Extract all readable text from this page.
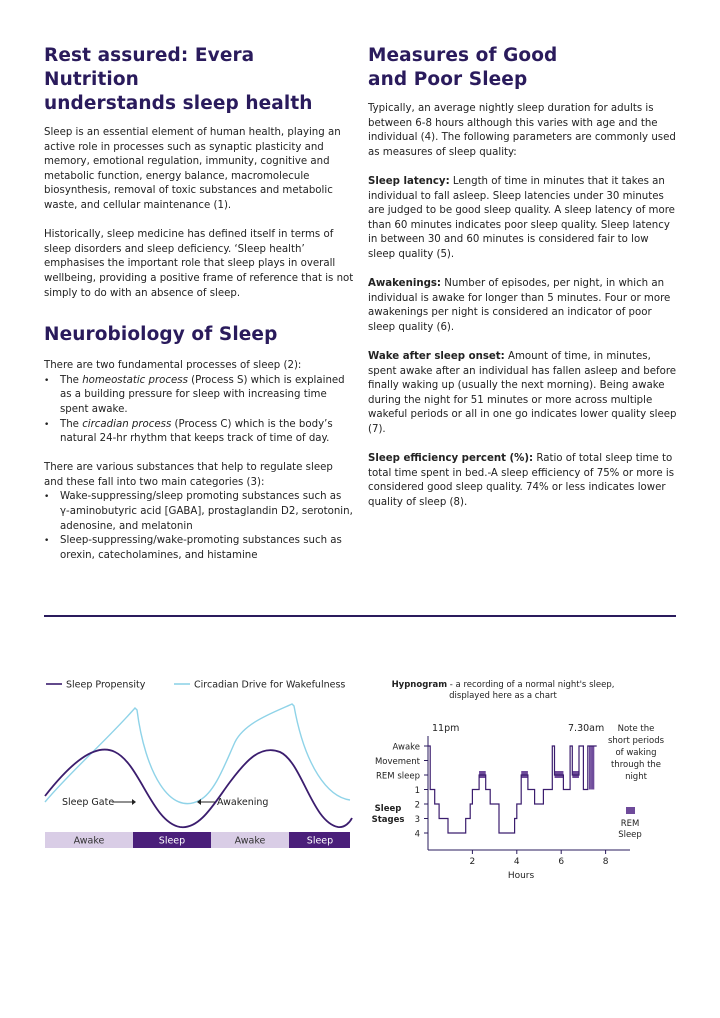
Rest assured: Evera Nutrition
understands sleep health

Sleep is an essential element of human health, playing an active role in processes such as synaptic plasticity and memory, emotional regulation, immunity, cognitive and metabolic function, energy balance, macromolecule biosynthesis, removal of toxic substances and metabolic waste, and cellular maintenance (1).

Historically, sleep medicine has defined itself in terms of sleep disorders and sleep deficiency. ‘Sleep health’ emphasises the important role that sleep plays in overall wellbeing, providing a positive frame of reference that is not simply to do with an absence of sleep.

Neurobiology of Sleep

There are two fundamental processes of sleep (2):

• The homeostatic process (Process S) which is explained as a building pressure for sleep with increasing time spent awake.
• The circadian process (Process C) which is the body’s natural 24-hr rhythm that keeps track of time of day.

There are various substances that help to regulate sleep and these fall into two main categories (3):

• Wake-suppressing/sleep promoting substances such as γ-aminobutyric acid [GABA], prostaglandin D2, serotonin, adenosine, and melatonin
• Sleep-suppressing/wake-promoting substances such as orexin, catecholamines, and histamine
Measures of Good
and Poor Sleep

Typically, an average nightly sleep duration for adults is between 6-8 hours although this varies with age and the individual (4). The following parameters are commonly used as measures of sleep quality:

Sleep latency: Length of time in minutes that it takes an individual to fall asleep. Sleep latencies under 30 minutes are judged to be good sleep quality. A sleep latency of more than 60 minutes indicates poor sleep quality. Sleep latency in between 30 and 60 minutes is considered fair to low sleep quality (5).

Awakenings: Number of episodes, per night, in which an individual is awake for longer than 5 minutes. Four or more awakenings per night is considered an indicator of poor sleep quality (6).

Wake after sleep onset: Amount of time, in minutes, spent awake after an individual has fallen asleep and before finally waking up (usually the next morning). Being awake during the night for 51 minutes or more across multiple wakeful periods or all in one go indicates lower quality sleep (7).

Sleep efficiency percent (%): Ratio of total sleep time to total time spent in bed.-A sleep efficiency of 75% or more is considered good sleep quality. 74% or less indicates lower quality of sleep (8).

Sleep Propensity	Circadian Drive for Wakefulness
Sleep Gate	Awakening
Awake	Sleep	Awake	Sleep
Hypnogram - a recording of a normal night's sleep,
displayed here as a chart
11pm	7.30am Note the
short periods
of waking
through the
night
Awake
Movement
REM sleep
1
2
3
4
2	4	6	8
Sleep
Stages
Hours
REM
Sleep
